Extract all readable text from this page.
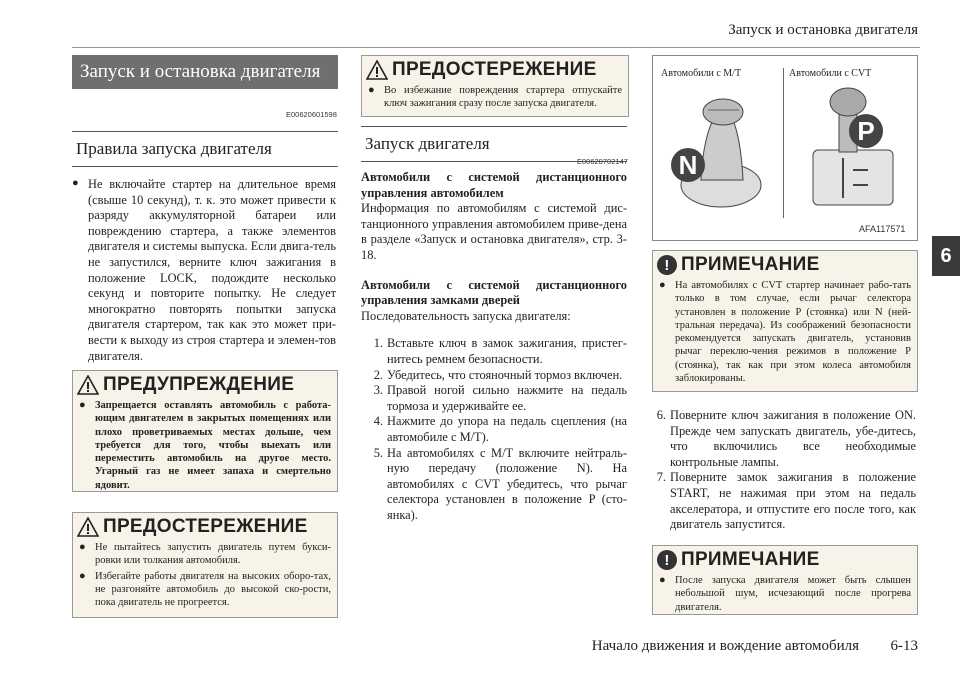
Запуск и остановка двигателя
6
Запуск и остановка двигателя
E00620601598
Правила запуска двигателя
● Не включайте стартер на длительное время (свыше 10 секунд), т. к. это может привести к разряду аккумуляторной батареи или повреждению стартера, а также элементов двигателя и системы выпуска. Если двига-тель не запустился, верните ключ зажигания в положение LOCK, подождите несколько секунд и повторите попытку. Не следует многократно повторять попытки запуска двигателя стартером, так как это может при-вести к выходу из строя стартера и элемен-тов двигателя.

ПРЕДУПРЕЖДЕНИЕ
● Запрещается оставлять автомобиль с работа-ющим двигателем в закрытых помещениях или плохо проветриваемых местах дольше, чем требуется для того, чтобы выехать или переместить автомобиль на другое место. Угарный газ не имеет запаха и смертельно ядовит.
ПРЕДОСТЕРЕЖЕНИЕ
● Не пытайтесь запустить двигатель путем букси-ровки или толкания автомобиля.
● Избегайте работы двигателя на высоких оборо-тах, не разгоняйте автомобиль до высокой ско-рости, пока двигатель не прогреется.
ПРЕДОСТЕРЕЖЕНИЕ
● Во избежание повреждения стартера отпускайте ключ зажигания сразу после запуска двигателя.
Запуск двигателя
E00620702147
Автомобили с системой дистанционного управления автомобилем

Информация по автомобилям с системой дис-танционного управления автомобилем приве-дена в разделе «Запуск и остановка двигателя», стр. 3-18.

Автомобили с системой дистанционного управления замками дверей

Последовательность запуска двигателя:

1. Вставьте ключ в замок зажигания, пристег-нитесь ремнем безопасности.
2. Убедитесь, что стояночный тормоз включен.
3. Правой ногой сильно нажмите на педаль тормоза и удерживайте ее.
4. Нажмите до упора на педаль сцепления (на автомобиле с М/Т).
5. На автомобилях с М/Т включите нейтраль-ную передачу (положение N). На автомобилях с CVT убедитесь, что рычаг селектора установлен в положение P (сто-янка).
Автомобили с М/Т	Автомобили с CVT
N
P
AFA117571
! ПРИМЕЧАНИЕ
● На автомобилях с CVT стартер начинает рабо-тать только в том случае, если рычаг селектора установлен в положение P (стоянка) или N (ней-тральная передача). Из соображений безопасности рекомендуется запускать двигатель, установив рычаг переклю-чения режимов в положение P (стоянка), так как при этом колеса автомобиля заблокированы.
6. Поверните ключ зажигания в положение ON. Прежде чем запускать двигатель, убе-дитесь, что включились все необходимые контрольные лампы.
7. Поверните замок зажигания в положение START, не нажимая при этом на педаль акселератора, и отпустите его после того, как двигатель запустится.
! ПРИМЕЧАНИЕ
● После запуска двигателя может быть слышен небольшой шум, исчезающий после прогрева двигателя.
Начало движения и вождение автомобиля 6-13
